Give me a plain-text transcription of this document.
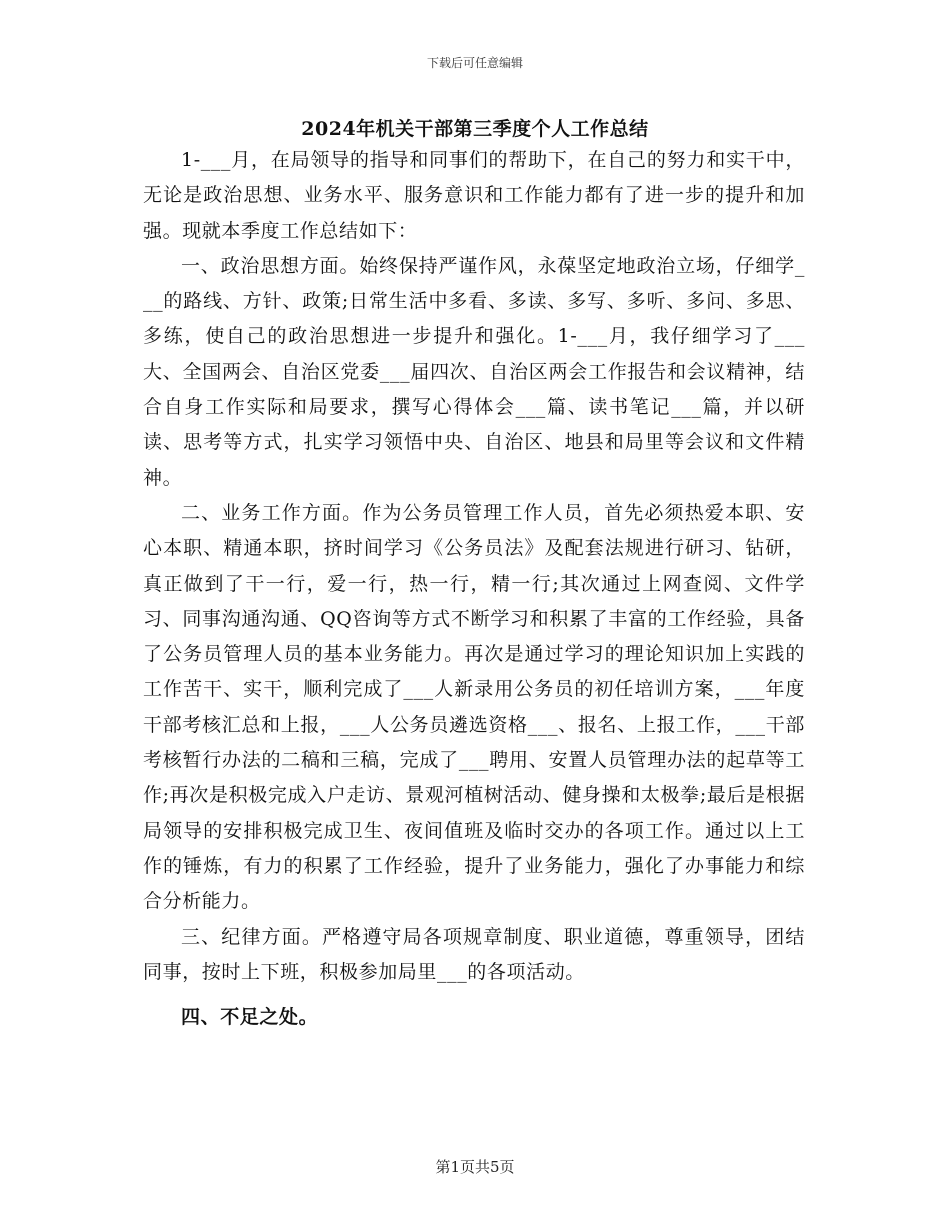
下载后可任意编辑
2024年机关干部第三季度个人工作总结

1-___月，在局领导的指导和同事们的帮助下，在自己的努力和实干中，无论是政治思想、业务水平、服务意识和工作能力都有了进一步的提升和加强。现就本季度工作总结如下：

一、政治思想方面。始终保持严谨作风，永葆坚定地政治立场，仔细学___的路线、方针、政策;日常生活中多看、多读、多写、多听、多问、多思、多练，使自己的政治思想进一步提升和强化。1-___月，我仔细学习了___大、全国两会、自治区党委___届四次、自治区两会工作报告和会议精神，结合自身工作实际和局要求，撰写心得体会___篇、读书笔记___篇，并以研读、思考等方式，扎实学习领悟中央、自治区、地县和局里等会议和文件精神。

二、业务工作方面。作为公务员管理工作人员，首先必须热爱本职、安心本职、精通本职，挤时间学习《公务员法》及配套法规进行研习、钻研，真正做到了干一行，爱一行，热一行，精一行;其次通过上网查阅、文件学习、同事沟通沟通、QQ咨询等方式不断学习和积累了丰富的工作经验，具备了公务员管理人员的基本业务能力。再次是通过学习的理论知识加上实践的工作苦干、实干，顺利完成了___人新录用公务员的初任培训方案，___年度干部考核汇总和上报，___人公务员遴选资格___、报名、上报工作，___干部考核暂行办法的二稿和三稿，完成了___聘用、安置人员管理办法的起草等工作;再次是积极完成入户走访、景观河植树活动、健身操和太极拳;最后是根据局领导的安排积极完成卫生、夜间值班及临时交办的各项工作。通过以上工作的锤炼，有力的积累了工作经验，提升了业务能力，强化了办事能力和综合分析能力。

三、纪律方面。严格遵守局各项规章制度、职业道德，尊重领导，团结同事，按时上下班，积极参加局里___的各项活动。

四、不足之处。

第1页共5页
